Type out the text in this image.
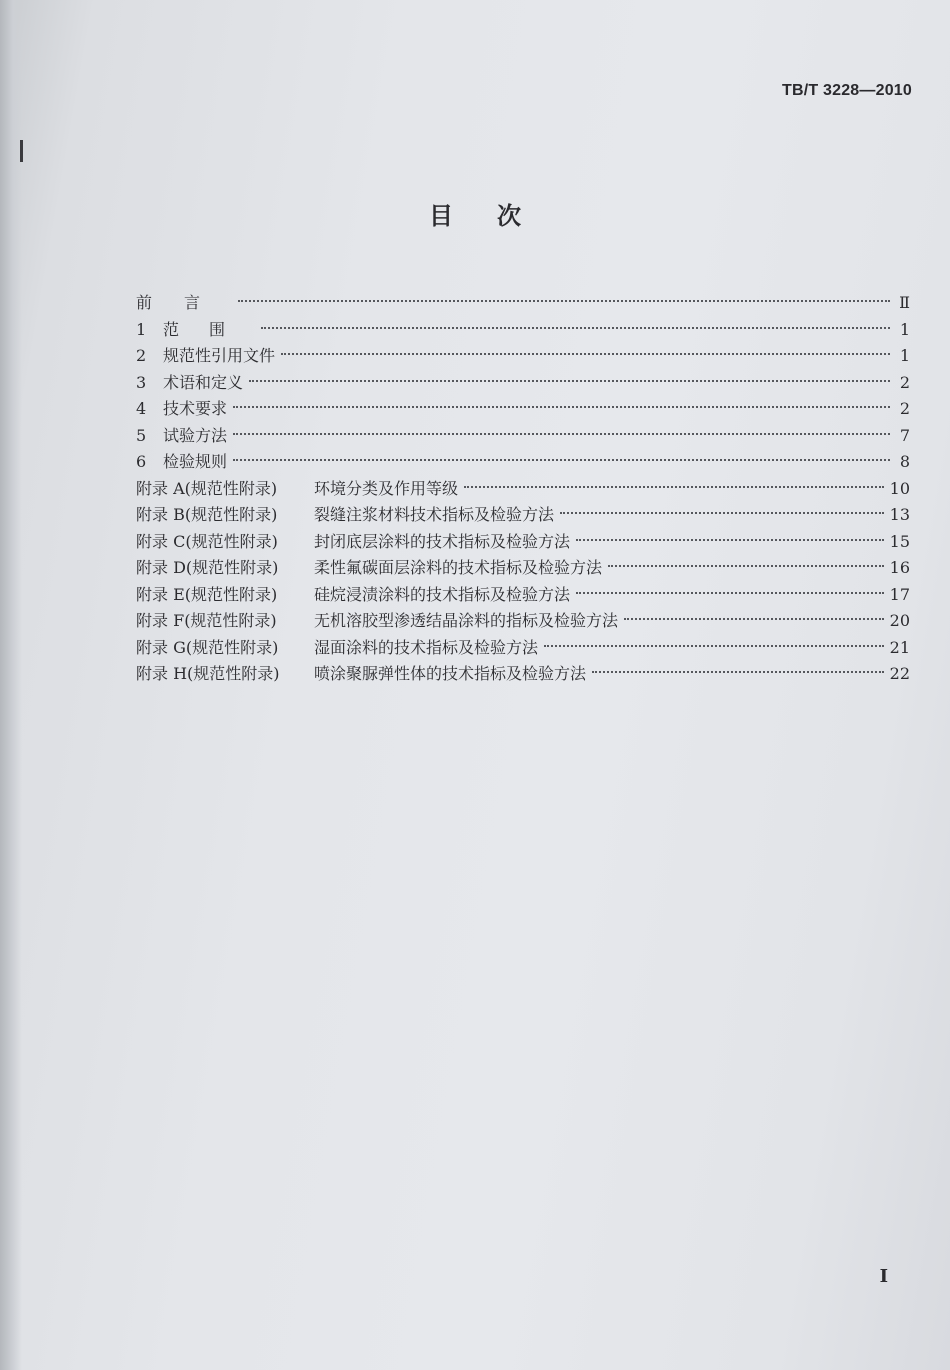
TB/T 3228—2010
目次
前言	Ⅱ
1	范围	1
2	规范性引用文件	1
3	术语和定义	2
4	技术要求	2
5	试验方法	7
6	检验规则	8
附录 A(规范性附录)	环境分类及作用等级	10
附录 B(规范性附录)	裂缝注浆材料技术指标及检验方法	13
附录 C(规范性附录)	封闭底层涂料的技术指标及检验方法	15
附录 D(规范性附录)	柔性氟碳面层涂料的技术指标及检验方法	16
附录 E(规范性附录)	硅烷浸渍涂料的技术指标及检验方法	17
附录 F(规范性附录)	无机溶胶型渗透结晶涂料的指标及检验方法	20
附录 G(规范性附录)	湿面涂料的技术指标及检验方法	21
附录 H(规范性附录)	喷涂聚脲弹性体的技术指标及检验方法	22
I
